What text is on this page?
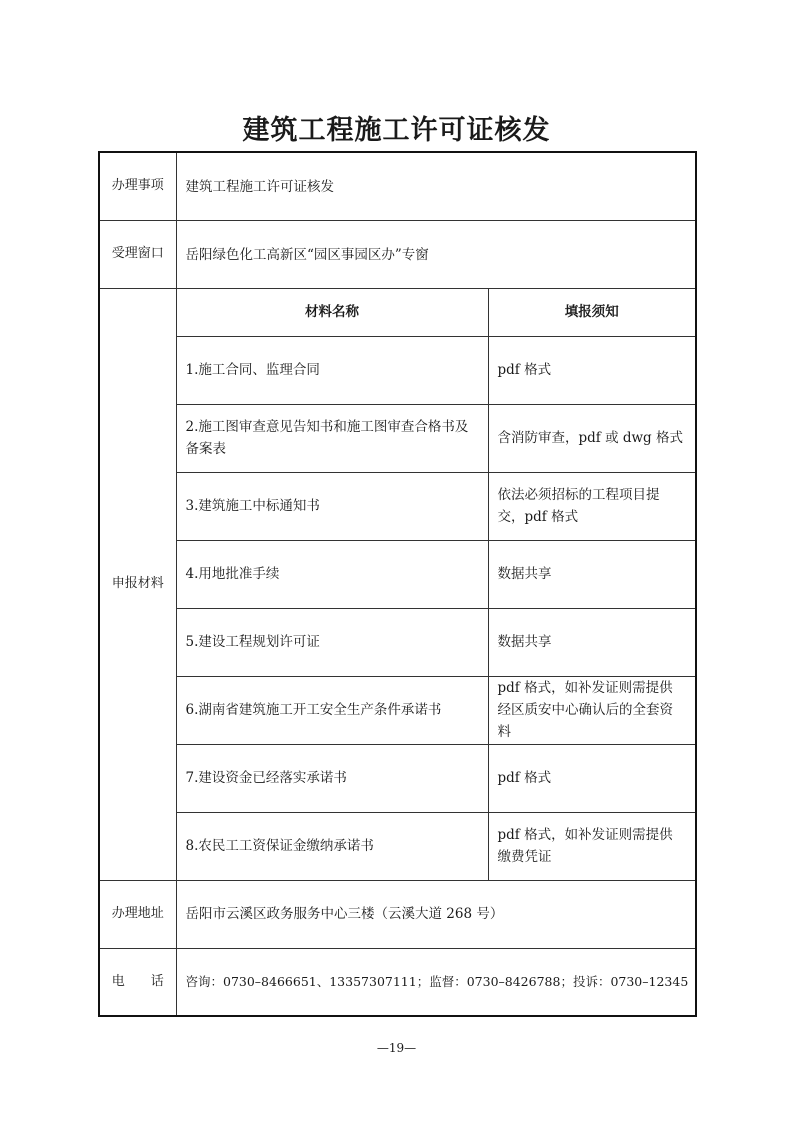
建筑工程施工许可证核发
办理事项	建筑工程施工许可证核发	
受理窗口	岳阳绿色化工高新区“园区事园区办”专窗	
申报材料	材料名称	填报须知
	1.施工合同、监理合同	pdf 格式
	2.施工图审查意见告知书和施工图审查合格书及备案表	含消防审查，pdf 或 dwg 格式
	3.建筑施工中标通知书	依法必须招标的工程项目提交，pdf 格式
	4.用地批准手续	数据共享
	5.建设工程规划许可证	数据共享
	6.湖南省建筑施工开工安全生产条件承诺书	pdf 格式，如补发证则需提供经区质安中心确认后的全套资料
	7.建设资金已经落实承诺书	pdf 格式
	8.农民工工资保证金缴纳承诺书	pdf 格式，如补发证则需提供缴费凭证
办理地址	岳阳市云溪区政务服务中心三楼（云溪大道 268 号）	
电　　话	咨询：0730–8466651、13357307111；监督：0730–8426788；投诉：0730–12345	
—19—
